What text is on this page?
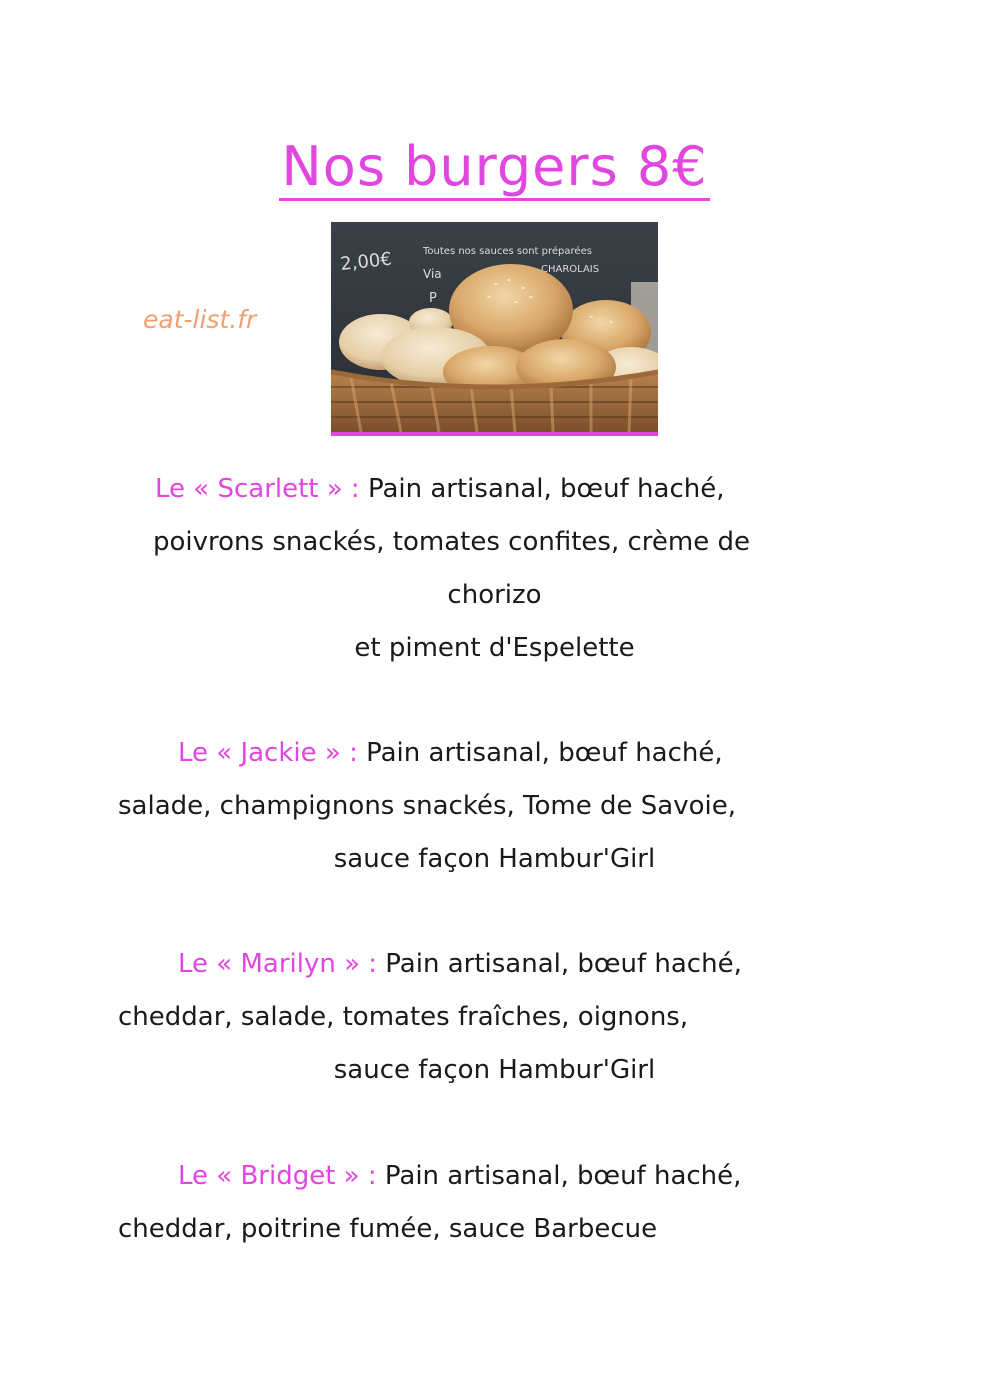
Nos burgers 8€
eat-list.fr
2,00€	Toutes nos sauces sont préparées
Via	CHAROLAIS
P
Le « Scarlett » : Pain artisanal, bœuf haché,
poivrons snackés, tomates confites, crème de
chorizo
et piment d'Espelette
Le « Jackie » : Pain artisanal, bœuf haché,
salade, champignons snackés, Tome de Savoie,
sauce façon Hambur'Girl
Le « Marilyn » : Pain artisanal, bœuf haché,
cheddar, salade, tomates fraîches, oignons,
sauce façon Hambur'Girl
Le « Bridget » : Pain artisanal, bœuf haché,
cheddar, poitrine fumée, sauce Barbecue
